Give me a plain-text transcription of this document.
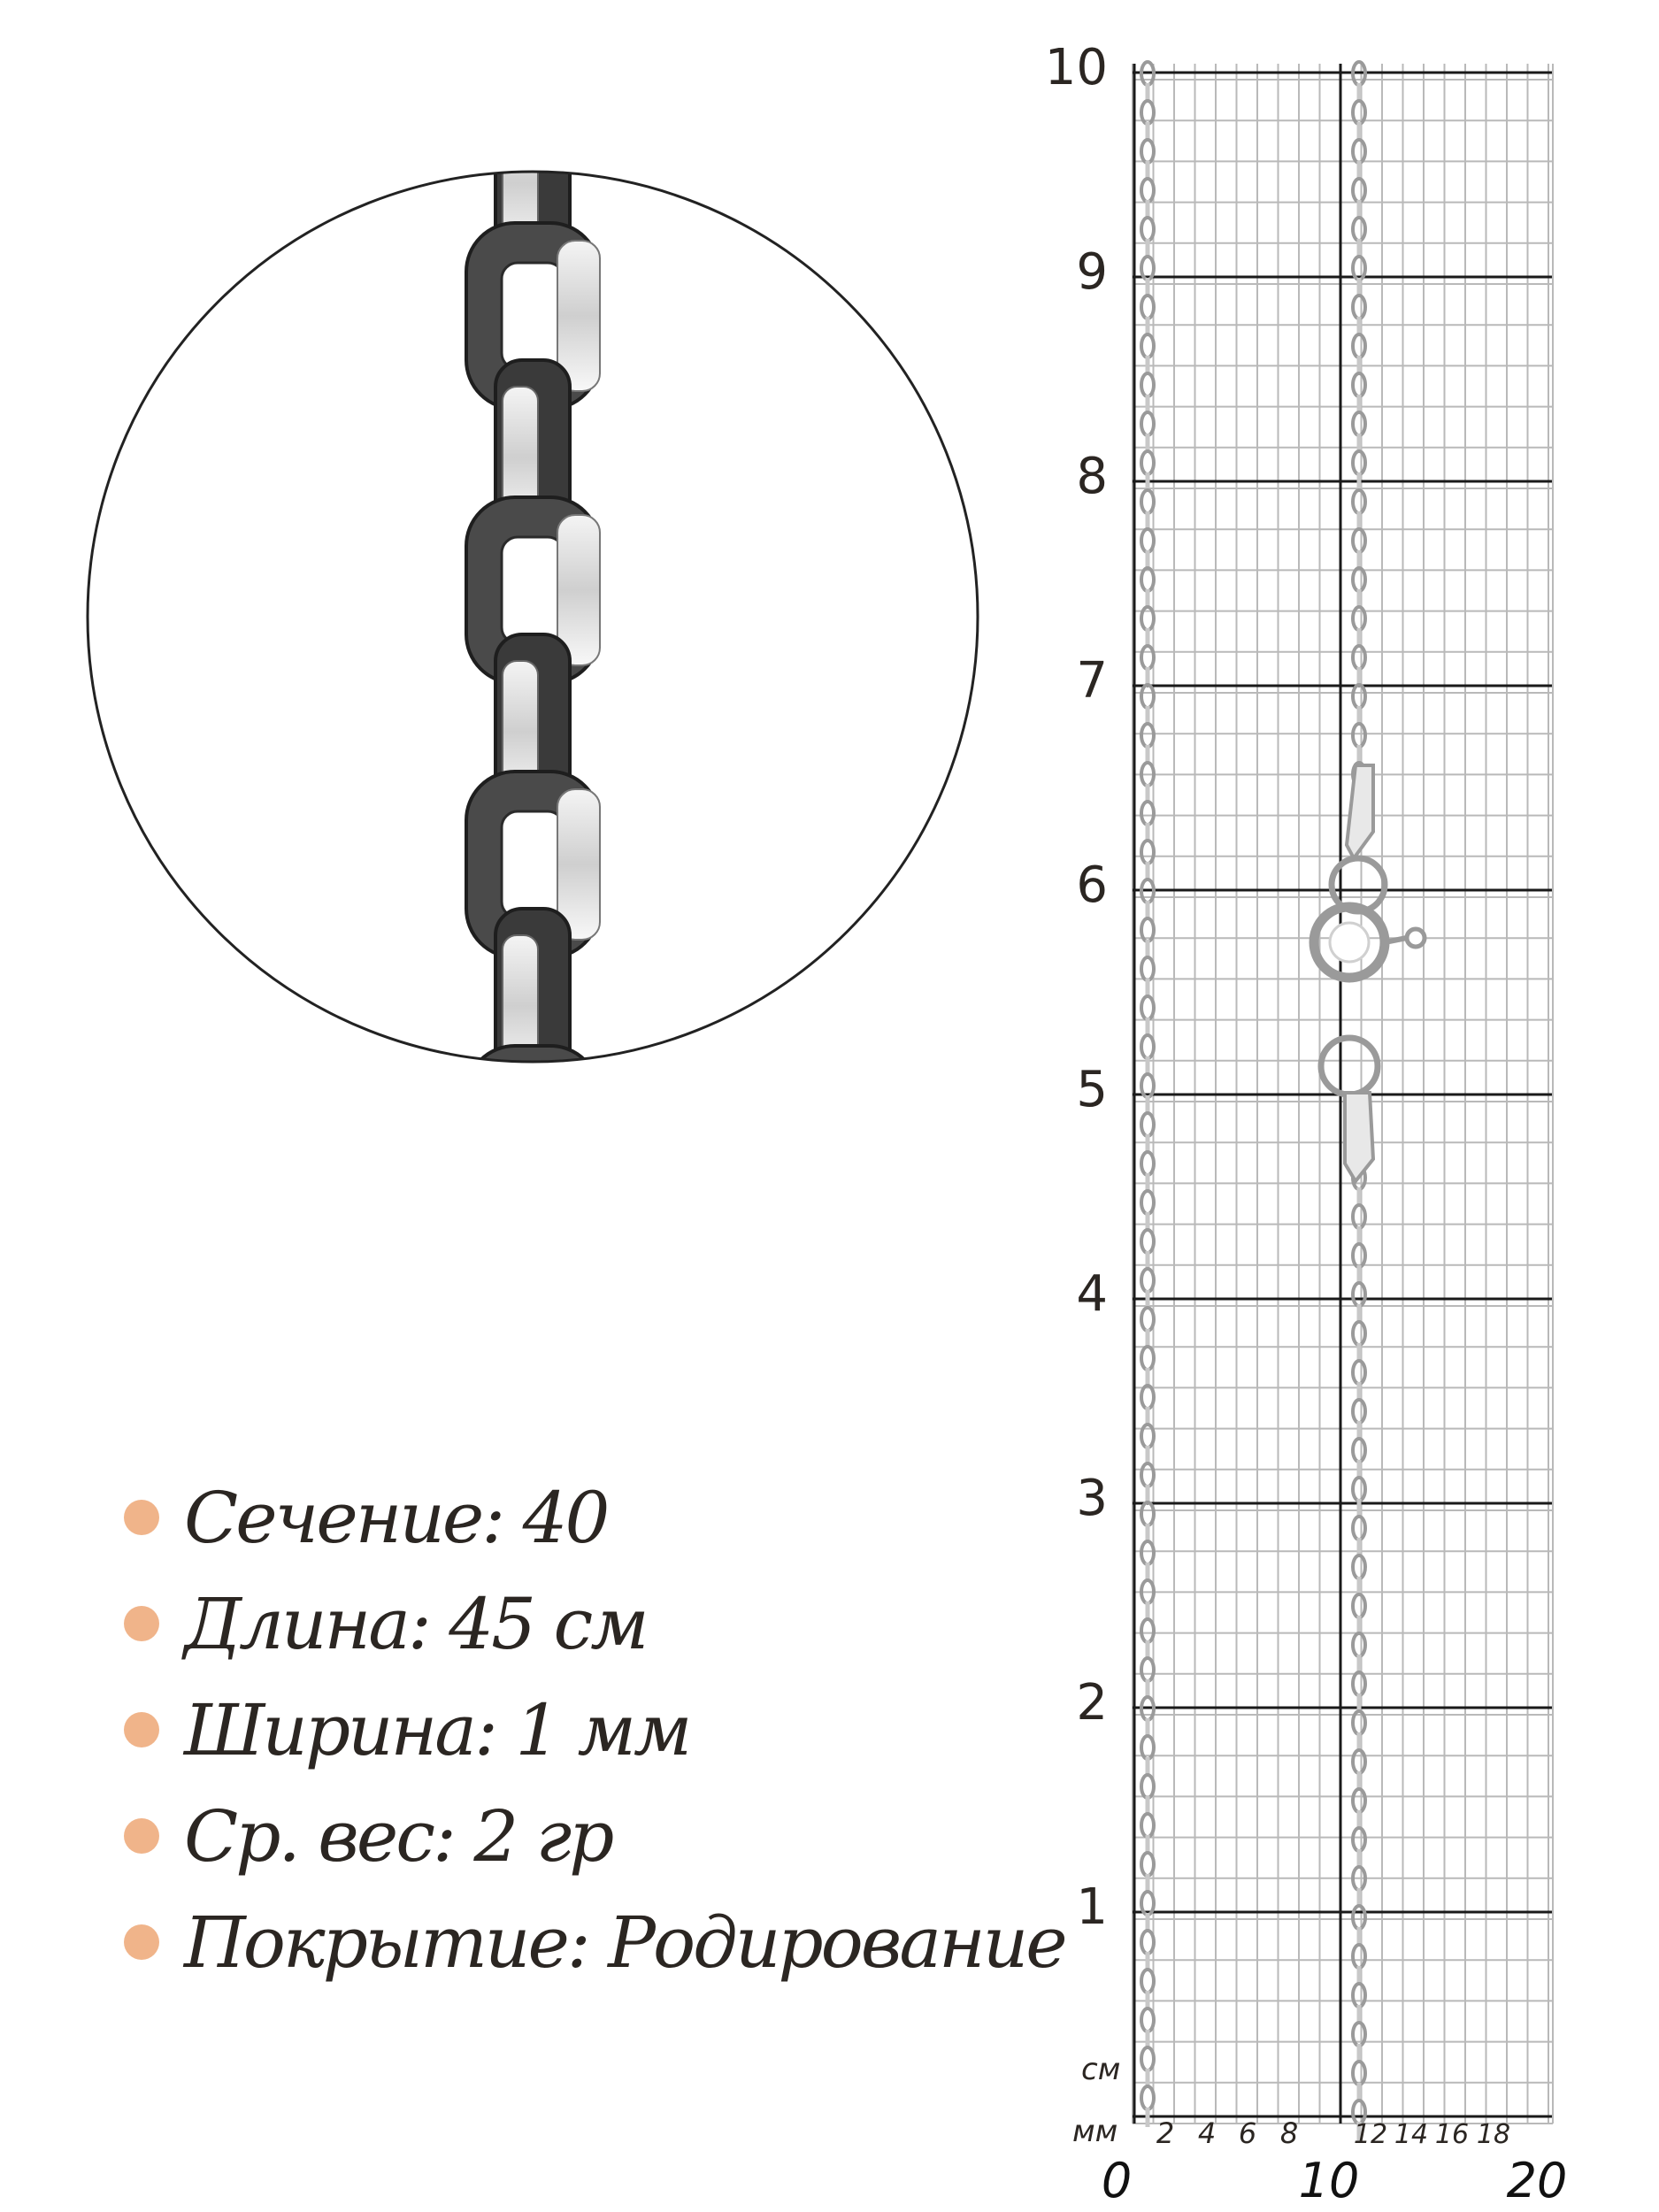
Сечение: 40
Длина: 45 см
Ширина: 1 мм
Ср. вес: 2 гр
Покрытие: Родирование
10
9
8
7
6
5
4
3
2
1
см
мм 2 4 6 8 12 14 16 18
0	10	20
